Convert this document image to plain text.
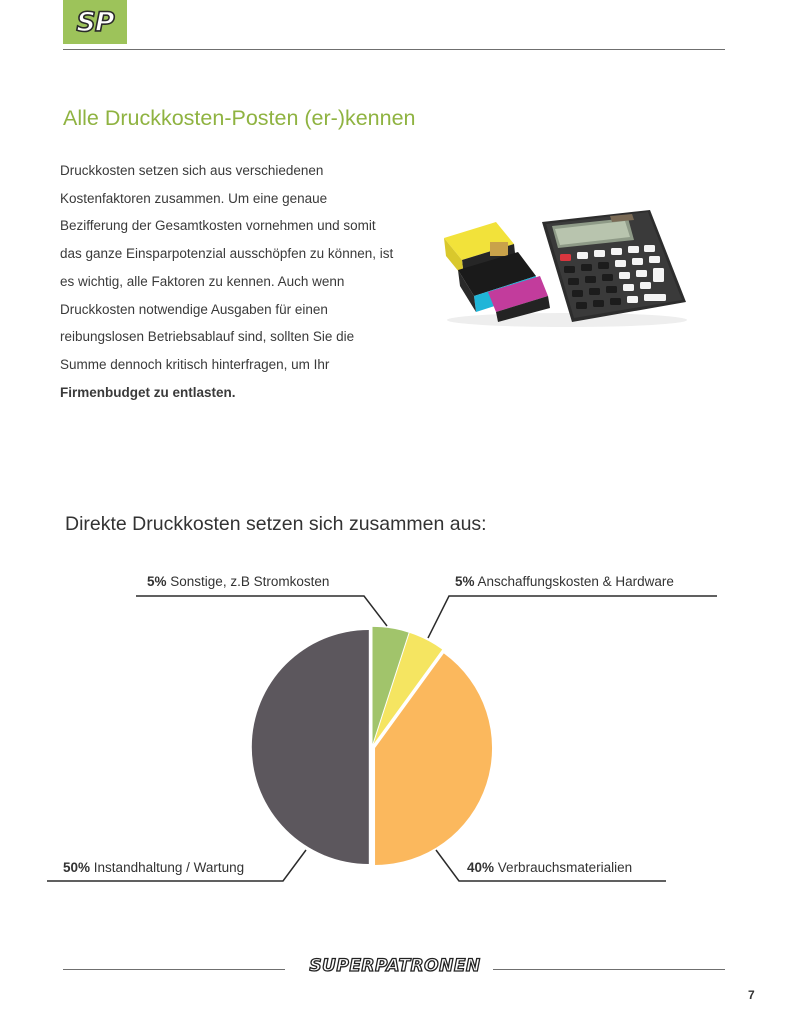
SP
Alle Druckkosten-Posten (er-)kennen

Druckkosten setzen sich aus verschiedenen Kostenfaktoren zusammen. Um eine genaue Bezifferung der Gesamtkosten vornehmen und somit das ganze Einsparpotenzial ausschöpfen zu können, ist es wichtig, alle Faktoren zu kennen. Auch wenn Druckkosten notwendige Ausgaben für einen reibungslosen Betriebsablauf sind, sollten Sie die Summe dennoch kritisch hinterfragen, um Ihr Firmenbudget zu entlasten.

Direkte Druckkosten setzen sich zusammen aus:
5% Sonstige, z.B Stromkosten	5% Anschaffungskosten & Hardware
40% Verbrauchsmaterialien
50% Instandhaltung / Wartung
SUPERPATRONEN
7
